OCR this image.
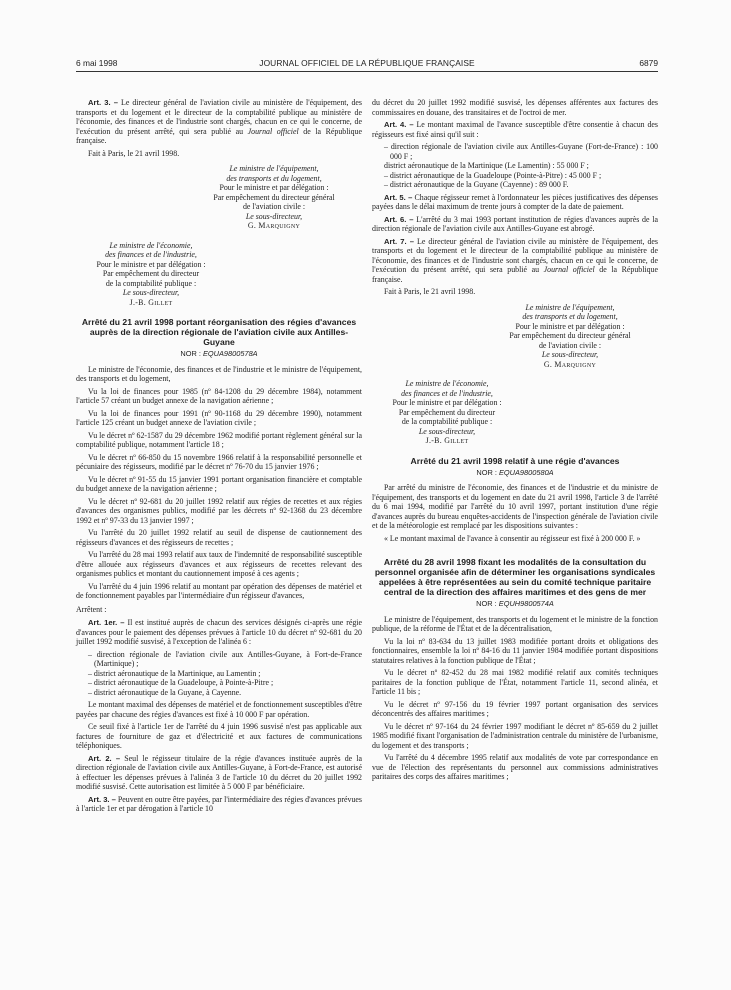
6 mai 1998	JOURNAL OFFICIEL DE LA RÉPUBLIQUE FRANÇAISE	6879

Art. 3. – Le directeur général de l'aviation civile au ministère de l'équipement, des transports et du logement et le directeur de la comptabilité publique au ministère de l'économie, des finances et de l'industrie sont chargés, chacun en ce qui le concerne, de l'exécution du présent arrêté, qui sera publié au Journal officiel de la République française.

Fait à Paris, le 21 avril 1998.

Le ministre de l'équipement,
des transports et du logement,
Pour le ministre et par délégation :
Par empêchement du directeur général
de l'aviation civile :
Le sous-directeur,
G. Marquigny
Le ministre de l'économie,
des finances et de l'industrie,
Pour le ministre et par délégation :
Par empêchement du directeur
de la comptabilité publique :
Le sous-directeur,
J.-B. Gillet
Arrêté du 21 avril 1998 portant réorganisation des régies d'avances auprès de la direction régionale de l'aviation civile aux Antilles-Guyane
NOR : EQUA9800578A

Le ministre de l'économie, des finances et de l'industrie et le ministre de l'équipement, des transports et du logement,

Vu la loi de finances pour 1985 (nº 84-1208 du 29 décembre 1984), notamment l'article 57 créant un budget annexe de la navigation aérienne ;

Vu la loi de finances pour 1991 (nº 90-1168 du 29 décembre 1990), notamment l'article 125 créant un budget annexe de l'aviation civile ;

Vu le décret nº 62-1587 du 29 décembre 1962 modifié portant règlement général sur la comptabilité publique, notamment l'article 18 ;

Vu le décret nº 66-850 du 15 novembre 1966 relatif à la responsabilité personnelle et pécuniaire des régisseurs, modifié par le décret nº 76-70 du 15 janvier 1976 ;

Vu le décret nº 91-55 du 15 janvier 1991 portant organisation financière et comptable du budget annexe de la navigation aérienne ;

Vu le décret nº 92-681 du 20 juillet 1992 relatif aux régies de recettes et aux régies d'avances des organismes publics, modifié par les décrets nº 92-1368 du 23 décembre 1992 et nº 97-33 du 13 janvier 1997 ;

Vu l'arrêté du 20 juillet 1992 relatif au seuil de dispense de cautionnement des régisseurs d'avances et des régisseurs de recettes ;

Vu l'arrêté du 28 mai 1993 relatif aux taux de l'indemnité de responsabilité susceptible d'être allouée aux régisseurs d'avances et aux régisseurs de recettes relevant des organismes publics et montant du cautionnement imposé à ces agents ;

Vu l'arrêté du 4 juin 1996 relatif au montant par opération des dépenses de matériel et de fonctionnement payables par l'intermédiaire d'un régisseur d'avances,

Arrêtent :

Art. 1er. – Il est institué auprès de chacun des services désignés ci-après une régie d'avances pour le paiement des dépenses prévues à l'article 10 du décret nº 92-681 du 20 juillet 1992 modifié susvisé, à l'exception de l'alinéa 6 :

– direction régionale de l'aviation civile aux Antilles-Guyane, à Fort-de-France (Martinique) ;
– district aéronautique de la Martinique, au Lamentin ;
– district aéronautique de la Guadeloupe, à Pointe-à-Pitre ;
– district aéronautique de la Guyane, à Cayenne.

Le montant maximal des dépenses de matériel et de fonctionnement susceptibles d'être payées par chacune des régies d'avances est fixé à 10 000 F par opération.

Ce seuil fixé à l'article 1er de l'arrêté du 4 juin 1996 susvisé n'est pas applicable aux factures de fourniture de gaz et d'électricité et aux factures de communications téléphoniques.

Art. 2. – Seul le régisseur titulaire de la régie d'avances instituée auprès de la direction régionale de l'aviation civile aux Antilles-Guyane, à Fort-de-France, est autorisé à effectuer les dépenses prévues à l'alinéa 3 de l'article 10 du décret du 20 juillet 1992 modifié susvisé. Cette autorisation est limitée à 5 000 F par bénéficiaire.

Art. 3. – Peuvent en outre être payées, par l'intermédiaire des régies d'avances prévues à l'article 1er et par dérogation à l'article 10

du décret du 20 juillet 1992 modifié susvisé, les dépenses afférentes aux factures des commissaires en douane, des transitaires et de l'octroi de mer.

Art. 4. – Le montant maximal de l'avance susceptible d'être consentie à chacun des régisseurs est fixé ainsi qu'il suit :

– direction régionale de l'aviation civile aux Antilles-Guyane (Fort-de-France) : 100 000 F ;
district aéronautique de la Martinique (Le Lamentin) : 55 000 F ;
– district aéronautique de la Guadeloupe (Pointe-à-Pitre) : 45 000 F ;
– district aéronautique de la Guyane (Cayenne) : 89 000 F.

Art. 5. – Chaque régisseur remet à l'ordonnateur les pièces justificatives des dépenses payées dans le délai maximum de trente jours à compter de la date de paiement.

Art. 6. – L'arrêté du 3 mai 1993 portant institution de régies d'avances auprès de la direction régionale de l'aviation civile aux Antilles-Guyane est abrogé.

Art. 7. – Le directeur général de l'aviation civile au ministère de l'équipement, des transports et du logement et le directeur de la comptabilité publique au ministère de l'économie, des finances et de l'industrie sont chargés, chacun en ce qui le concerne, de l'exécution du présent arrêté, qui sera publié au Journal officiel de la République française.

Fait à Paris, le 21 avril 1998.

Le ministre de l'équipement,
des transports et du logement,
Pour le ministre et par délégation :
Par empêchement du directeur général
de l'aviation civile :
Le sous-directeur,
G. Marquigny
Le ministre de l'économie,
des finances et de l'industrie,
Pour le ministre et par délégation :
Par empêchement du directeur
de la comptabilité publique :
Le sous-directeur,
J.-B. Gillet
Arrêté du 21 avril 1998 relatif à une régie d'avances
NOR : EQUA9800580A

Par arrêté du ministre de l'économie, des finances et de l'industrie et du ministre de l'équipement, des transports et du logement en date du 21 avril 1998, l'article 3 de l'arrêté du 6 mai 1994, modifié par l'arrêté du 10 avril 1997, portant institution d'une régie d'avances auprès du bureau enquêtes-accidents de l'inspection générale de l'aviation civile et de la météorologie est remplacé par les dispositions suivantes :

« Le montant maximal de l'avance à consentir au régisseur est fixé à 200 000 F. »

Arrêté du 28 avril 1998 fixant les modalités de la consultation du personnel organisée afin de déterminer les organisations syndicales appelées à être représentées au sein du comité technique paritaire central de la direction des affaires maritimes et des gens de mer
NOR : EQUH9800574A

Le ministre de l'équipement, des transports et du logement et le ministre de la fonction publique, de la réforme de l'État et de la décentralisation,

Vu la loi nº 83-634 du 13 juillet 1983 modifiée portant droits et obligations des fonctionnaires, ensemble la loi nº 84-16 du 11 janvier 1984 modifiée portant dispositions statutaires relatives à la fonction publique de l'État ;

Vu le décret nº 82-452 du 28 mai 1982 modifié relatif aux comités techniques paritaires de la fonction publique de l'État, notamment l'article 11, second alinéa, et l'article 11 bis ;

Vu le décret nº 97-156 du 19 février 1997 portant organisation des services déconcentrés des affaires maritimes ;

Vu le décret nº 97-164 du 24 février 1997 modifiant le décret nº 85-659 du 2 juillet 1985 modifié fixant l'organisation de l'administration centrale du ministère de l'urbanisme, du logement et des transports ;

Vu l'arrêté du 4 décembre 1995 relatif aux modalités de vote par correspondance en vue de l'élection des représentants du personnel aux commissions administratives paritaires des corps des affaires maritimes ;
